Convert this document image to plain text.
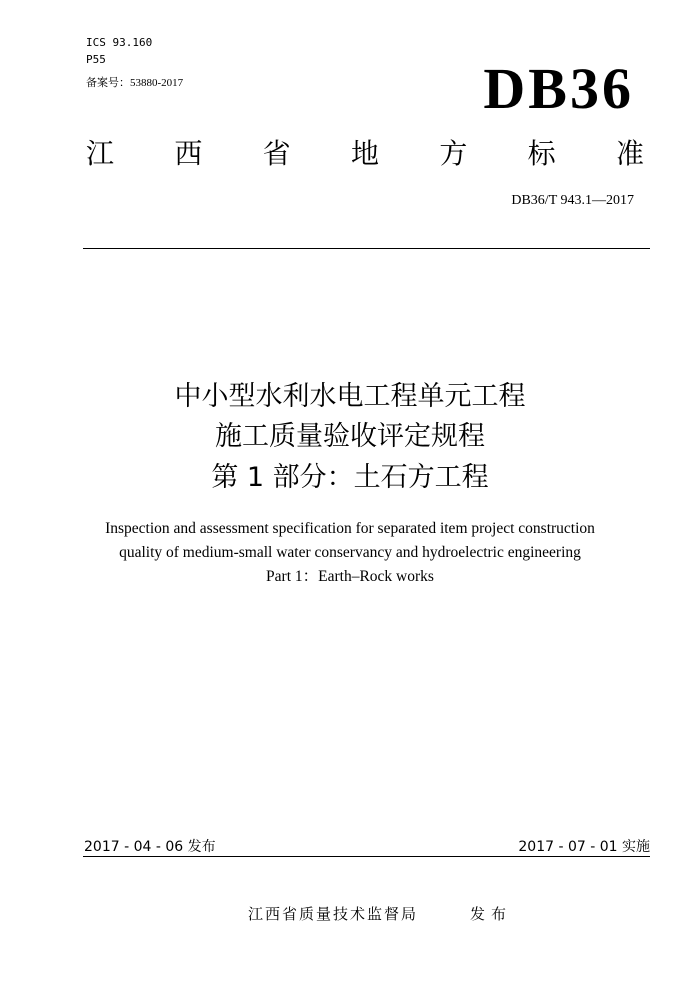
ICS 93.160
P55
备案号：53880-2017	DB36
江 西 省 地 方 标 准
DB36/T 943.1—2017
中小型水利水电工程单元工程
施工质量验收评定规程
第 1 部分：土石方工程
Inspection and assessment specification for separated item project construction
quality of medium-small water conservancy and hydroelectric engineering
Part 1：Earth–Rock works
2017 - 04 - 06 发布	2017 - 07 - 01 实施
江西省质量技术监督局	发布
